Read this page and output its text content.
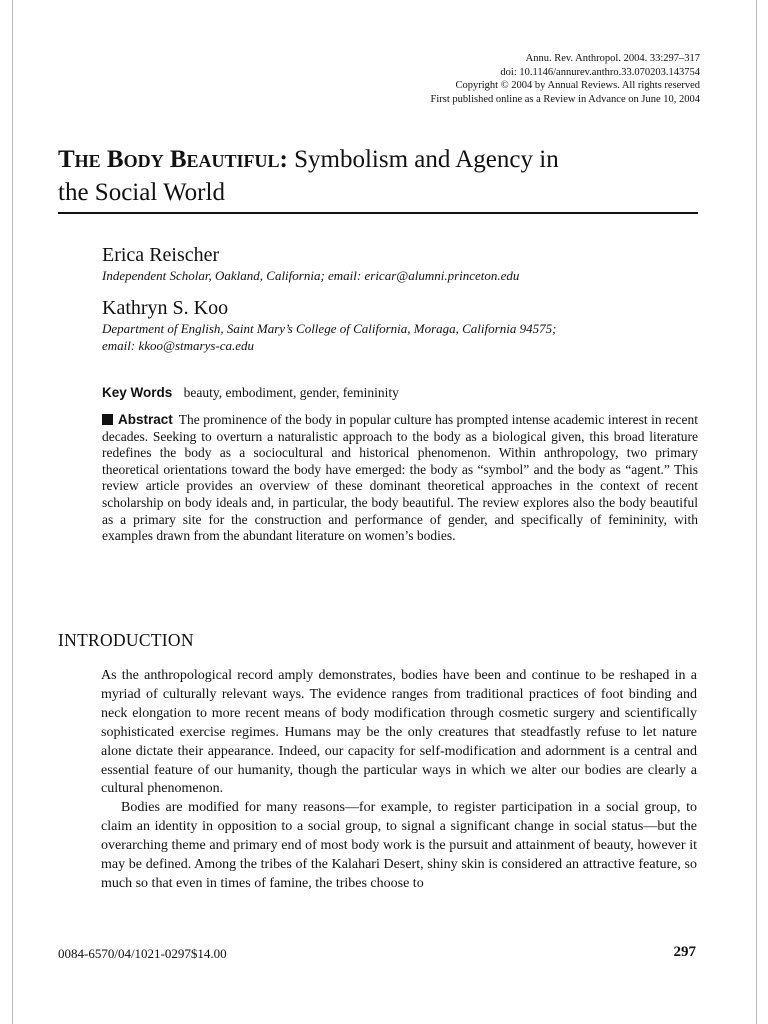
Annu. Rev. Anthropol. 2004. 33:297–317
doi: 10.1146/annurev.anthro.33.070203.143754
Copyright © 2004 by Annual Reviews. All rights reserved
First published online as a Review in Advance on June 10, 2004
The Body Beautiful: Symbolism and Agency in
the Social World
Erica Reischer
Independent Scholar, Oakland, California; email: ericar@alumni.princeton.edu
Kathryn S. Koo
Department of English, Saint Mary’s College of California, Moraga, California 94575;
email: kkoo@stmarys-ca.edu
Key Words beauty, embodiment, gender, femininity

Abstract The prominence of the body in popular culture has prompted intense academic interest in recent decades. Seeking to overturn a naturalistic approach to the body as a biological given, this broad literature redefines the body as a sociocultural and historical phenomenon. Within anthropology, two primary theoretical orientations toward the body have emerged: the body as “symbol” and the body as “agent.” This review article provides an overview of these dominant theoretical approaches in the context of recent scholarship on body ideals and, in particular, the body beautiful. The review explores also the body beautiful as a primary site for the construction and performance of gender, and specifically of femininity, with examples drawn from the abundant literature on women’s bodies.

INTRODUCTION

As the anthropological record amply demonstrates, bodies have been and continue to be reshaped in a myriad of culturally relevant ways. The evidence ranges from traditional practices of foot binding and neck elongation to more recent means of body modification through cosmetic surgery and scientifically sophisticated exercise regimes. Humans may be the only creatures that steadfastly refuse to let nature alone dictate their appearance. Indeed, our capacity for self-modification and adornment is a central and essential feature of our humanity, though the particular ways in which we alter our bodies are clearly a cultural phenomenon.

Bodies are modified for many reasons—for example, to register participation in a social group, to claim an identity in opposition to a social group, to signal a significant change in social status—but the overarching theme and primary end of most body work is the pursuit and attainment of beauty, however it may be defined. Among the tribes of the Kalahari Desert, shiny skin is considered an attractive feature, so much so that even in times of famine, the tribes choose to

0084-6570/04/1021-0297$14.00	297
